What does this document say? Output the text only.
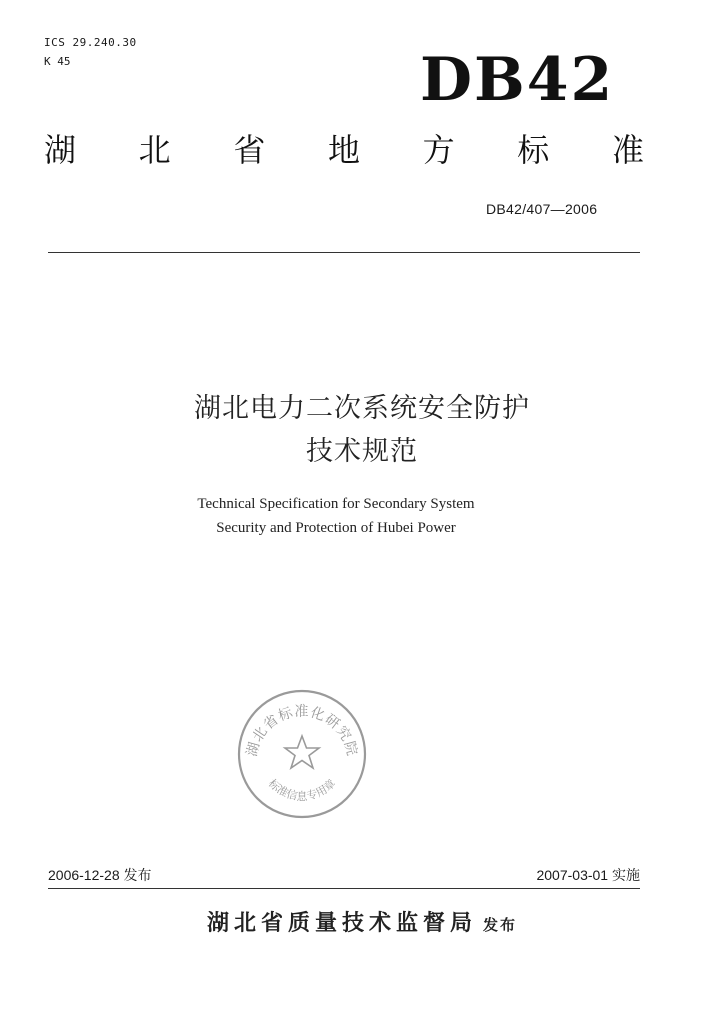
ICS 29.240.30
K 45	DB42
湖 北 省 地 方 标 准
DB42/407—2006
湖北电力二次系统安全防护
技术规范
Technical Specification for Secondary System
Security and Protection of Hubei Power
湖北省标准化研究院
标准信息专用章
2006-12-28 发布	2007-03-01 实施
湖北省质量技术监督局 发布
